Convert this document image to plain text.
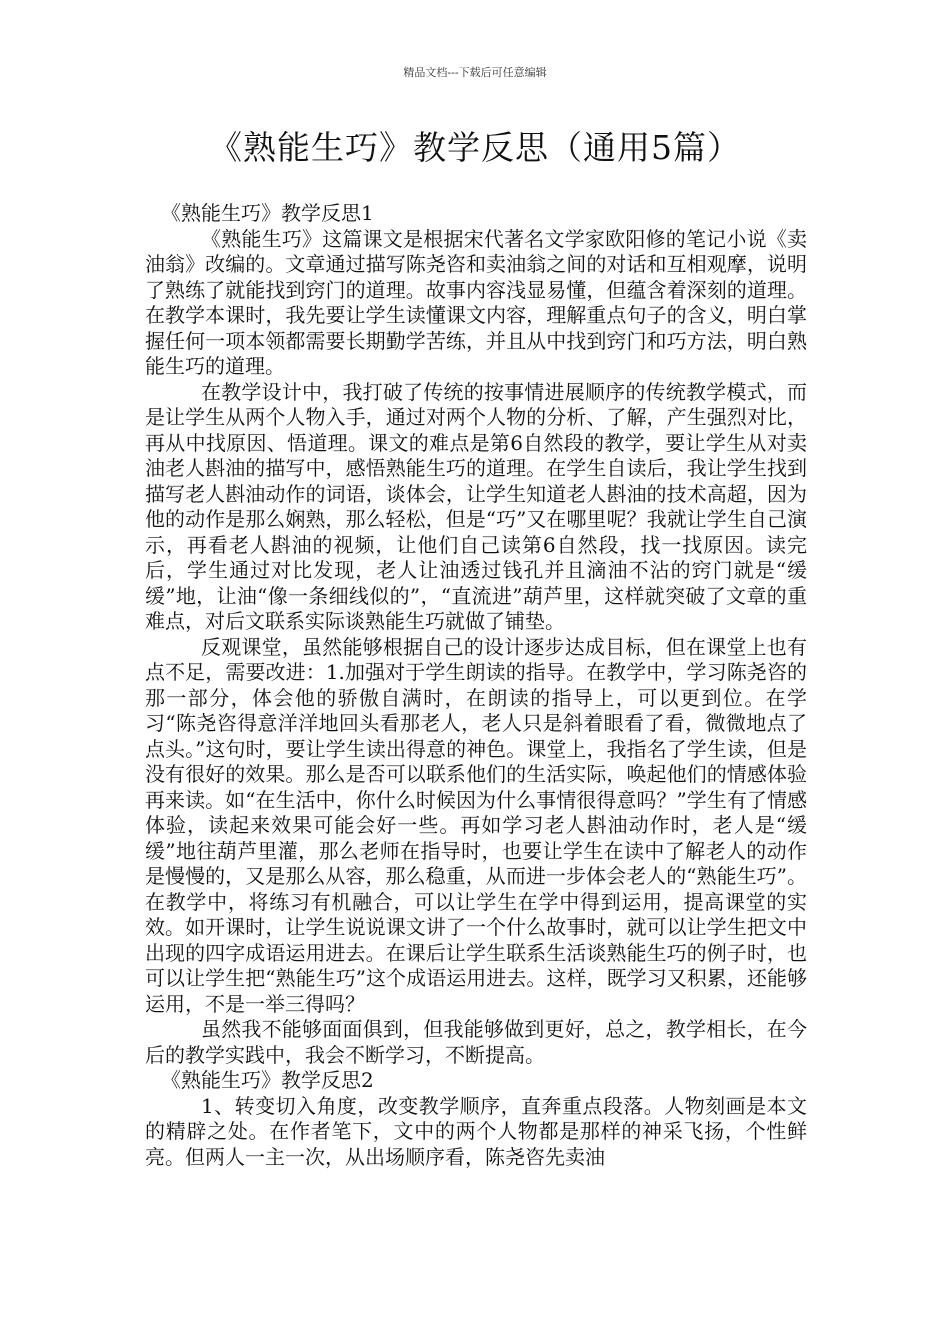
精品文档---下载后可任意编辑
《熟能生巧》教学反思（通用5篇）

《熟能生巧》教学反思1

《熟能生巧》这篇课文是根据宋代著名文学家欧阳修的笔记小说《卖油翁》改编的。文章通过描写陈尧咨和卖油翁之间的对话和互相观摩，说明了熟练了就能找到窍门的道理。故事内容浅显易懂，但蕴含着深刻的道理。在教学本课时，我先要让学生读懂课文内容，理解重点句子的含义，明白掌握任何一项本领都需要长期勤学苦练，并且从中找到窍门和巧方法，明白熟能生巧的道理。

在教学设计中，我打破了传统的按事情进展顺序的传统教学模式，而是让学生从两个人物入手，通过对两个人物的分析、了解，产生强烈对比，再从中找原因、悟道理。课文的难点是第6自然段的教学，要让学生从对卖油老人斟油的描写中，感悟熟能生巧的道理。在学生自读后，我让学生找到描写老人斟油动作的词语，谈体会，让学生知道老人斟油的技术高超，因为他的动作是那么娴熟，那么轻松，但是“巧”又在哪里呢？我就让学生自己演示，再看老人斟油的视频，让他们自己读第6自然段，找一找原因。读完后，学生通过对比发现，老人让油透过钱孔并且滴油不沾的窍门就是“缓缓”地，让油“像一条细线似的”，“直流进”葫芦里，这样就突破了文章的重难点，对后文联系实际谈熟能生巧就做了铺垫。

反观课堂，虽然能够根据自己的设计逐步达成目标，但在课堂上也有点不足，需要改进：1.加强对于学生朗读的指导。在教学中，学习陈尧咨的那一部分，体会他的骄傲自满时，在朗读的指导上，可以更到位。在学习“陈尧咨得意洋洋地回头看那老人，老人只是斜着眼看了看，微微地点了点头。”这句时，要让学生读出得意的神色。课堂上，我指名了学生读，但是没有很好的效果。那么是否可以联系他们的生活实际，唤起他们的情感体验再来读。如“在生活中，你什么时候因为什么事情很得意吗？”学生有了情感体验，读起来效果可能会好一些。再如学习老人斟油动作时，老人是“缓缓”地往葫芦里灌，那么老师在指导时，也要让学生在读中了解老人的动作是慢慢的，又是那么从容，那么稳重，从而进一步体会老人的“熟能生巧”。在教学中，将练习有机融合，可以让学生在学中得到运用，提高课堂的实效。如开课时，让学生说说课文讲了一个什么故事时，就可以让学生把文中出现的四字成语运用进去。在课后让学生联系生活谈熟能生巧的例子时，也可以让学生把“熟能生巧”这个成语运用进去。这样，既学习又积累，还能够运用，不是一举三得吗？

虽然我不能够面面俱到，但我能够做到更好，总之，教学相长，在今后的教学实践中，我会不断学习，不断提高。

《熟能生巧》教学反思2

1、转变切入角度，改变教学顺序，直奔重点段落。人物刻画是本文的精辟之处。在作者笔下，文中的两个人物都是那样的神采飞扬，个性鲜亮。但两人一主一次，从出场顺序看，陈尧咨先卖油
